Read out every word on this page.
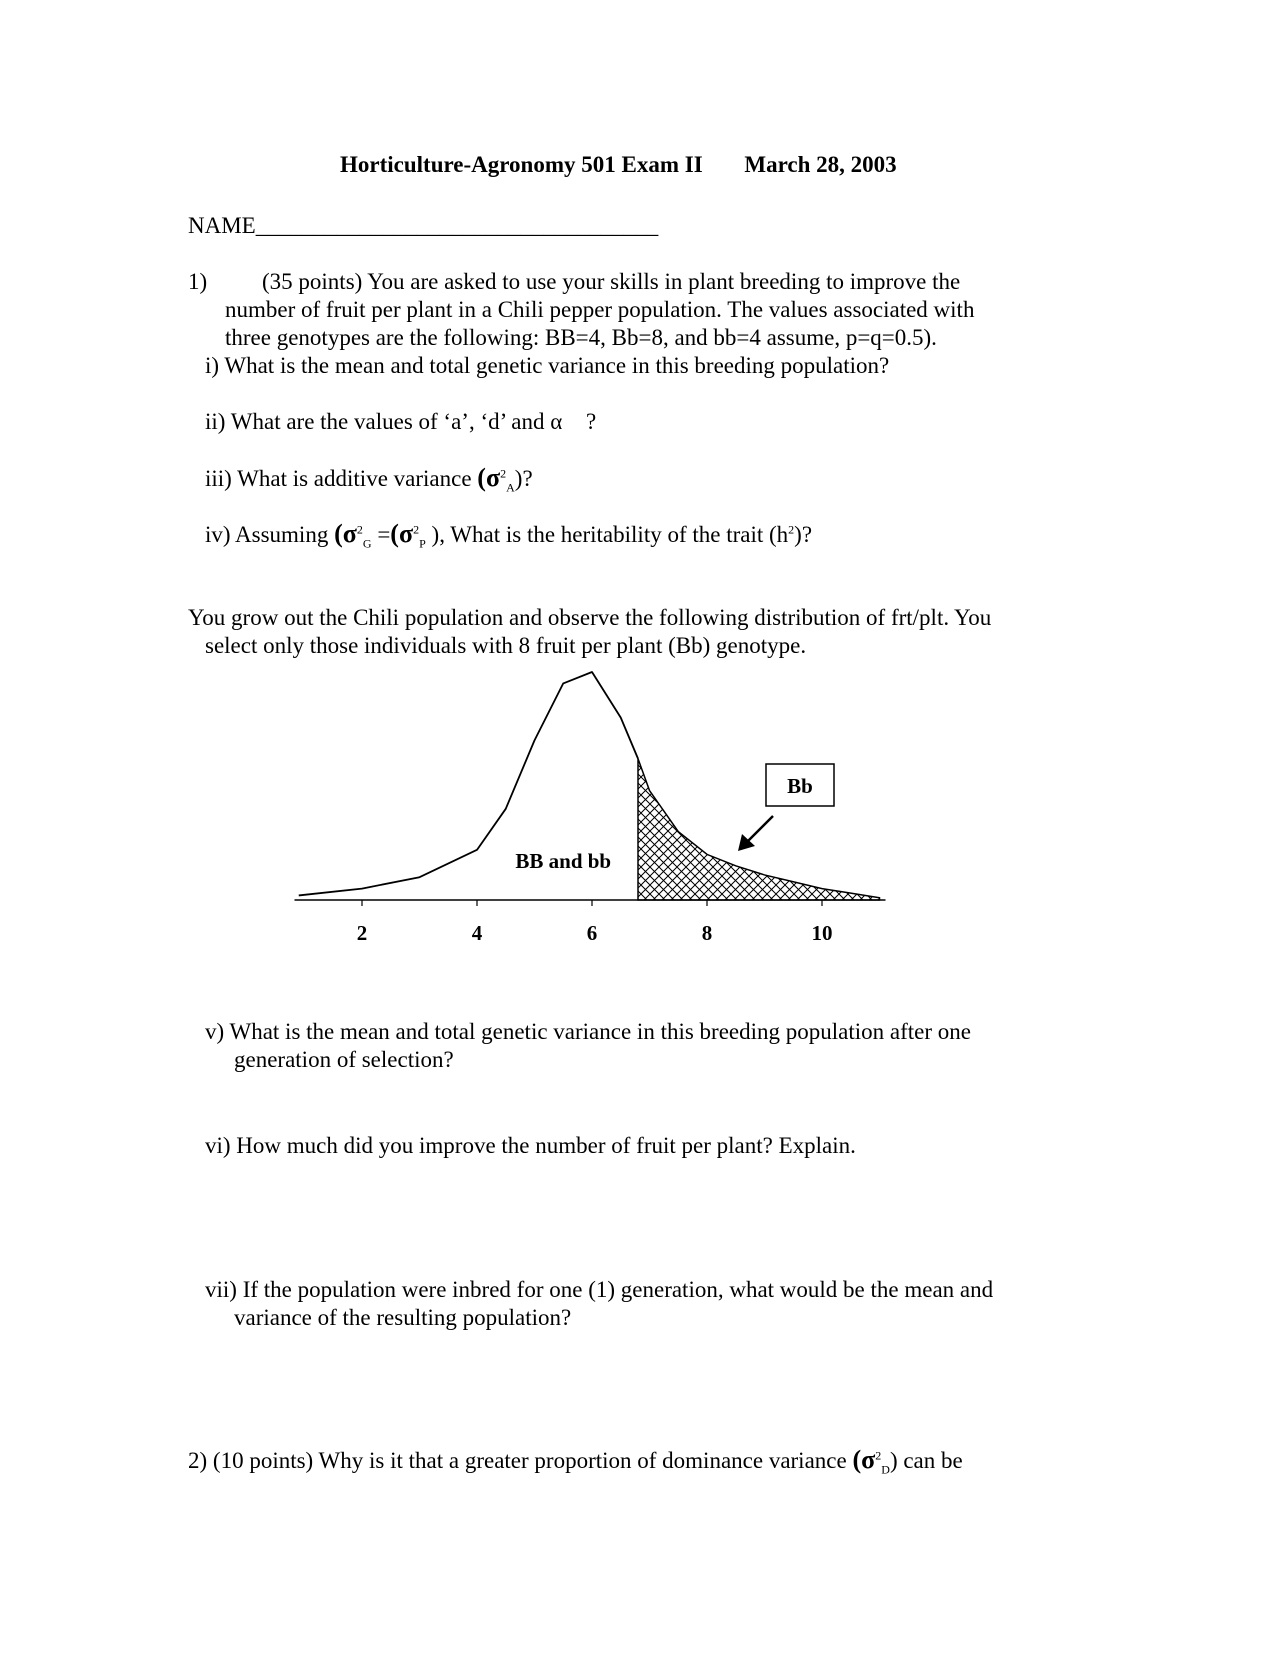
Horticulture-Agronomy 501 Exam II March 28, 2003
NAME___________________________________
1) (35 points) You are asked to use your skills in plant breeding to improve the
number of fruit per plant in a Chili pepper population. The values associated with
three genotypes are the following: BB=4, Bb=8, and bb=4 assume, p=q=0.5).
i) What is the mean and total genetic variance in this breeding population?
ii) What are the values of ‘a’, ‘d’ and α  ?
iii) What is additive variance $(\sigma^2_A)$?
iv) Assuming ($\sigma^2_G =(\sigma^2_P$ ), What is the heritability of the trait $(h^2)$?
You grow out the Chili population and observe the following distribution of frt/plt. You
select only those individuals with 8 fruit per plant (Bb) genotype.
2	4	6	8	10
BB and bb
Bb
v) What is the mean and total genetic variance in this breeding population after one
generation of selection?
vi) How much did you improve the number of fruit per plant? Explain.
vii) If the population were inbred for one (1) generation, what would be the mean and
variance of the resulting population?
2) (10 points) Why is it that a greater proportion of dominance variance $(\sigma^2_D)$ can be
